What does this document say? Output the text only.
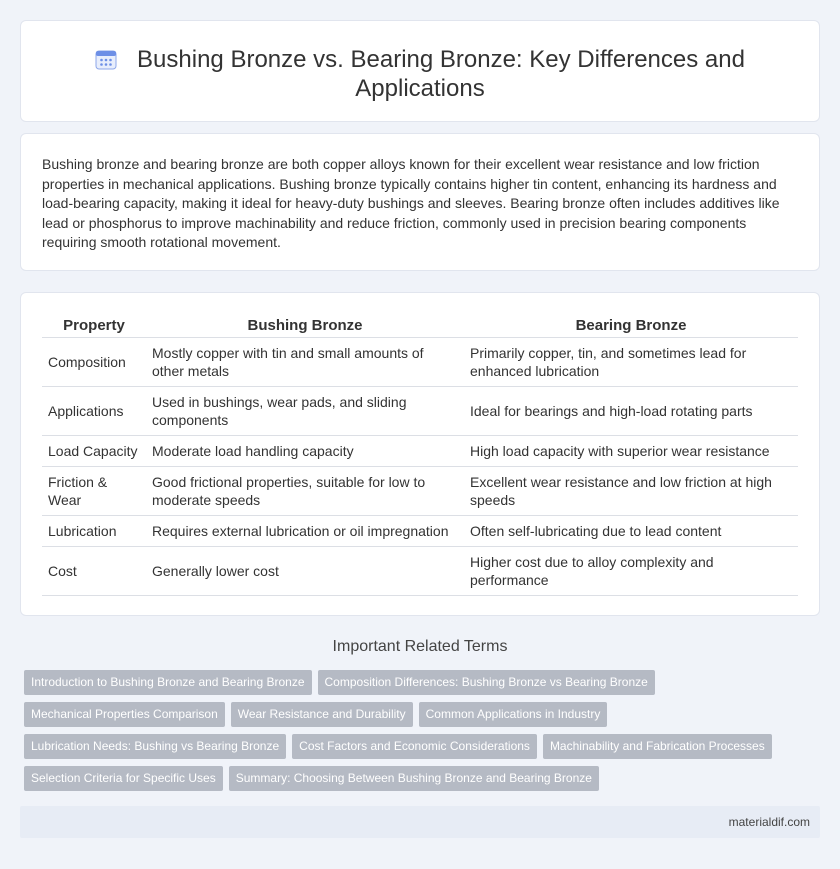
Bushing Bronze vs. Bearing Bronze: Key Differences and Applications

Bushing bronze and bearing bronze are both copper alloys known for their excellent wear resistance and low friction properties in mechanical applications. Bushing bronze typically contains higher tin content, enhancing its hardness and load-bearing capacity, making it ideal for heavy-duty bushings and sleeves. Bearing bronze often includes additives like lead or phosphorus to improve machinability and reduce friction, commonly used in precision bearing components requiring smooth rotational movement.

Property	Bushing Bronze	Bearing Bronze
Composition	Mostly copper with tin and small amounts of other metals	Primarily copper, tin, and sometimes lead for enhanced lubrication
Applications	Used in bushings, wear pads, and sliding components	Ideal for bearings and high-load rotating parts
Load Capacity	Moderate load handling capacity	High load capacity with superior wear resistance
Friction & Wear	Good frictional properties, suitable for low to moderate speeds	Excellent wear resistance and low friction at high speeds
Lubrication	Requires external lubrication or oil impregnation	Often self-lubricating due to lead content
Cost	Generally lower cost	Higher cost due to alloy complexity and performance
Important Related Terms
Introduction to Bushing Bronze and Bearing Bronze Composition Differences: Bushing Bronze vs Bearing Bronze
Mechanical Properties Comparison Wear Resistance and Durability Common Applications in Industry
Lubrication Needs: Bushing vs Bearing Bronze Cost Factors and Economic Considerations Machinability and Fabrication Processes
Selection Criteria for Specific Uses Summary: Choosing Between Bushing Bronze and Bearing Bronze
materialdif.com
